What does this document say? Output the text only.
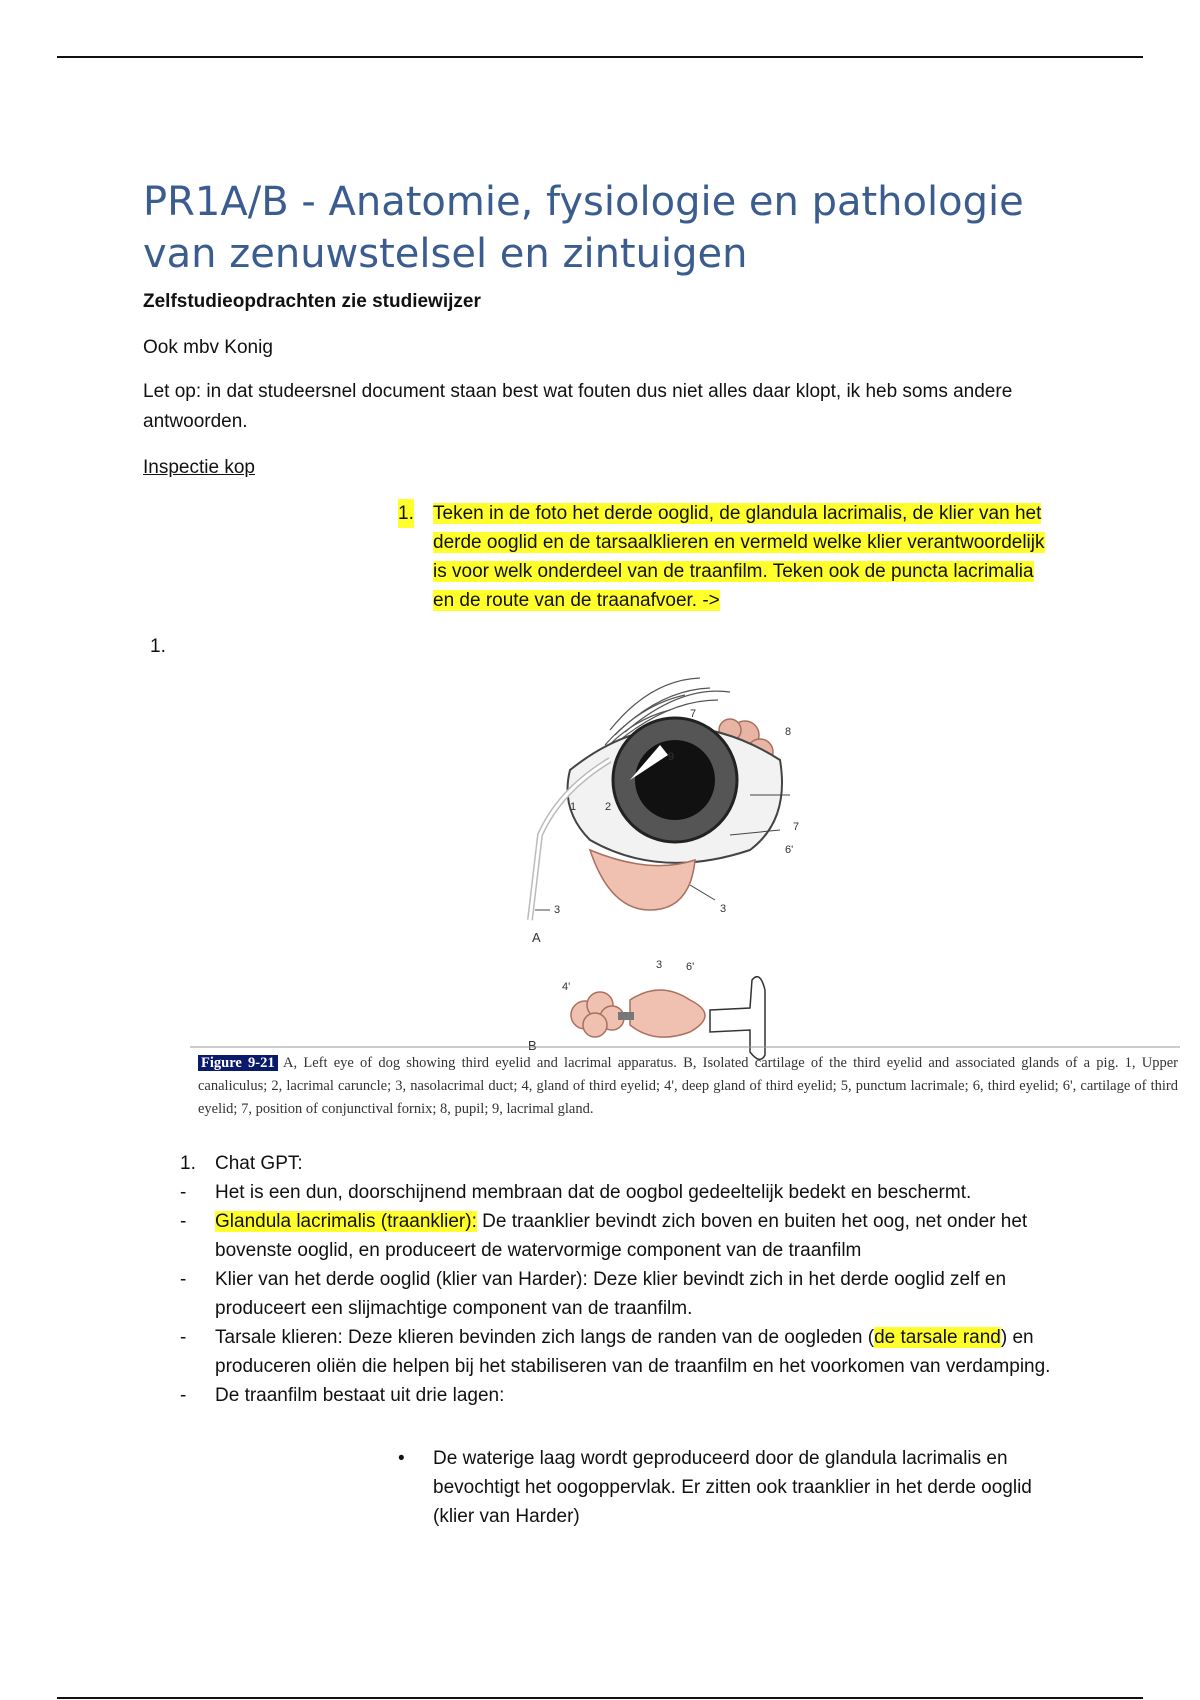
PR1A/B - Anatomie, fysiologie en pathologie van zenuwstelsel en zintuigen

Zelfstudieopdrachten zie studiewijzer

Ook mbv Konig

Let op: in dat studeersnel document staan best wat fouten dus niet alles daar klopt, ik heb soms andere antwoorden.

Inspectie kop

1. Teken in de foto het derde ooglid, de glandula lacrimalis, de klier van het derde ooglid en de tarsaalklieren en vermeld welke klier verantwoordelijk is voor welk onderdeel van de traanfilm. Teken ook de puncta lacrimalia en de route van de traanafvoer. ->
1.
7
8
9
1	2
7
6'
3
3
A
3 6'
4'
B
Figure 9-21 A, Left eye of dog showing third eyelid and lacrimal apparatus. B, Isolated cartilage of the third eyelid and associated glands of a pig. 1, Upper canaliculus; 2, lacrimal caruncle; 3, nasolacrimal duct; 4, gland of third eyelid; 4', deep gland of third eyelid; 5, punctum lacrimale; 6, third eyelid; 6', cartilage of third eyelid; 7, position of conjunctival fornix; 8, pupil; 9, lacrimal gland.
1. Chat GPT:
- Het is een dun, doorschijnend membraan dat de oogbol gedeeltelijk bedekt en beschermt.
- Glandula lacrimalis (traanklier): De traanklier bevindt zich boven en buiten het oog, net onder het bovenste ooglid, en produceert de watervormige component van de traanfilm
- Klier van het derde ooglid (klier van Harder): Deze klier bevindt zich in het derde ooglid zelf en produceert een slijmachtige component van de traanfilm.
- Tarsale klieren: Deze klieren bevinden zich langs de randen van de oogleden (de tarsale rand) en produceren oliën die helpen bij het stabiliseren van de traanfilm en het voorkomen van verdamping.
- De traanfilm bestaat uit drie lagen:
• De waterige laag wordt geproduceerd door de glandula lacrimalis en bevochtigt het oogoppervlak. Er zitten ook traanklier in het derde ooglid (klier van Harder)
